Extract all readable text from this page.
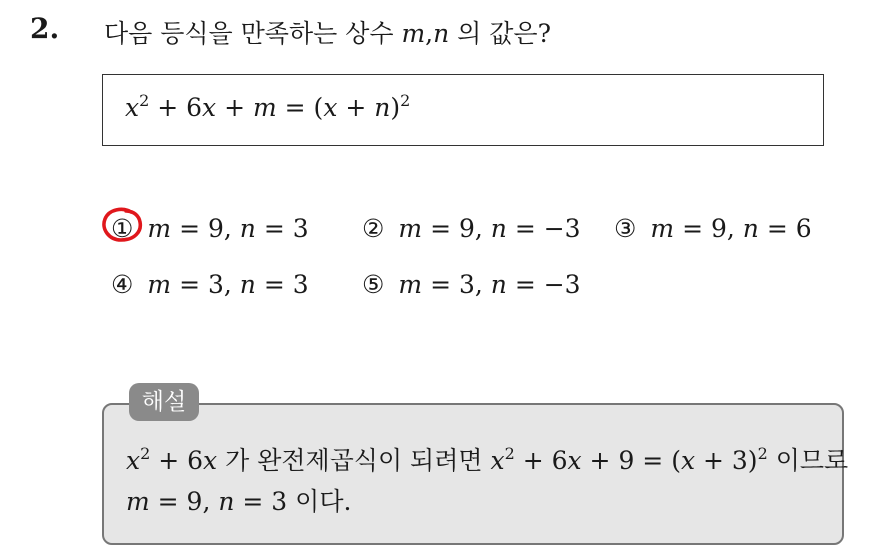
2. 다음 등식을 만족하는 상수 m,n 의 값은?
$x^2 + 6x + m = (x + n)^2$
① m = 9, n = 3 ② m = 9, n = −3 ③ m = 9, n = 6
④ m = 3, n = 3 ⑤ m = 3, n = −3
해설
$x^2 + 6x$ 가 완전제곱식이 되려면 $x^2 + 6x + 9 = (x + 3)^2$ 이므로
m = 9, n = 3 이다.
